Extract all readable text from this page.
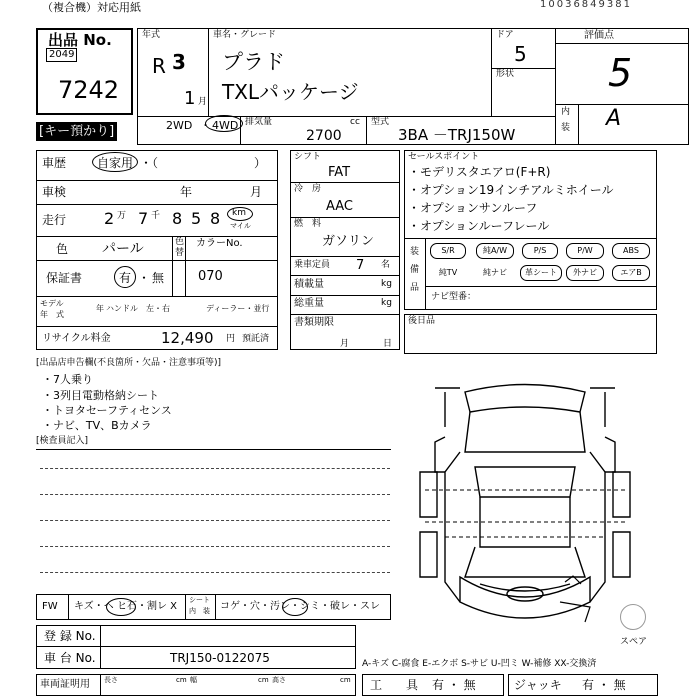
（複合機）対応用紙	10036849381
出品 No.
2049
7242
[キー預かり]
年式
R 3
1 月
車名・グレード
プラド
TXLパッケージ
ドア
5
形状
評価点
5
内
装 A
2WD ・ 4WD 排気量	cc
2700
型式
3BA －TRJ150W
車歴	自家用 ・（　　　　　　　　）
車検	年	月
走行 2 万 7 千 8 5 8 km
マイル
色 パール	色
替
カラーNo.
保証書	有 ・ 無	070
モデル
年　式
年 ハンドル　左・右	ディーラー・並行
リサイクル料金	12,490 円 預託済
シフト
FAT
冷　房
AAC
燃　料
ガソリン
乗車定員 7 名
積載量	kg
総重量	kg
書類期限
月	日
セールスポイント
・モデリスタエアロ(F+R)
・オプション19インチアルミホイール
・オプションサンルーフ
・オプションルーフレール
装
備
品
S/R	純A/W	P/S	P/W	ABS
純TV	純ナビ	革シート	外ナビ	エアB
ナビ型番：
後日品
[出品店申告欄(不良箇所・欠品・注意事項等)]
・7人乗り
・3列目電動格納シート
・トヨタセーフティセンス
・ナビ、TV、Bカメラ
[検査員記入]
スペア
FW キズ・ヘ ヒ石・割レ X
シート
内　装 コゲ・穴・汚レ・シミ・破レ・スレ
登 録 No.
車 台 No.	TRJ150-0122075	A-キズ C-腐食 E-エクボ S-サビ U-凹ミ W-補修 XX-交換済
車両証明用 長さ	cm 幅	cm 高さ	cm 工　　具 有 ・ 無	ジャッキ 有 ・ 無
